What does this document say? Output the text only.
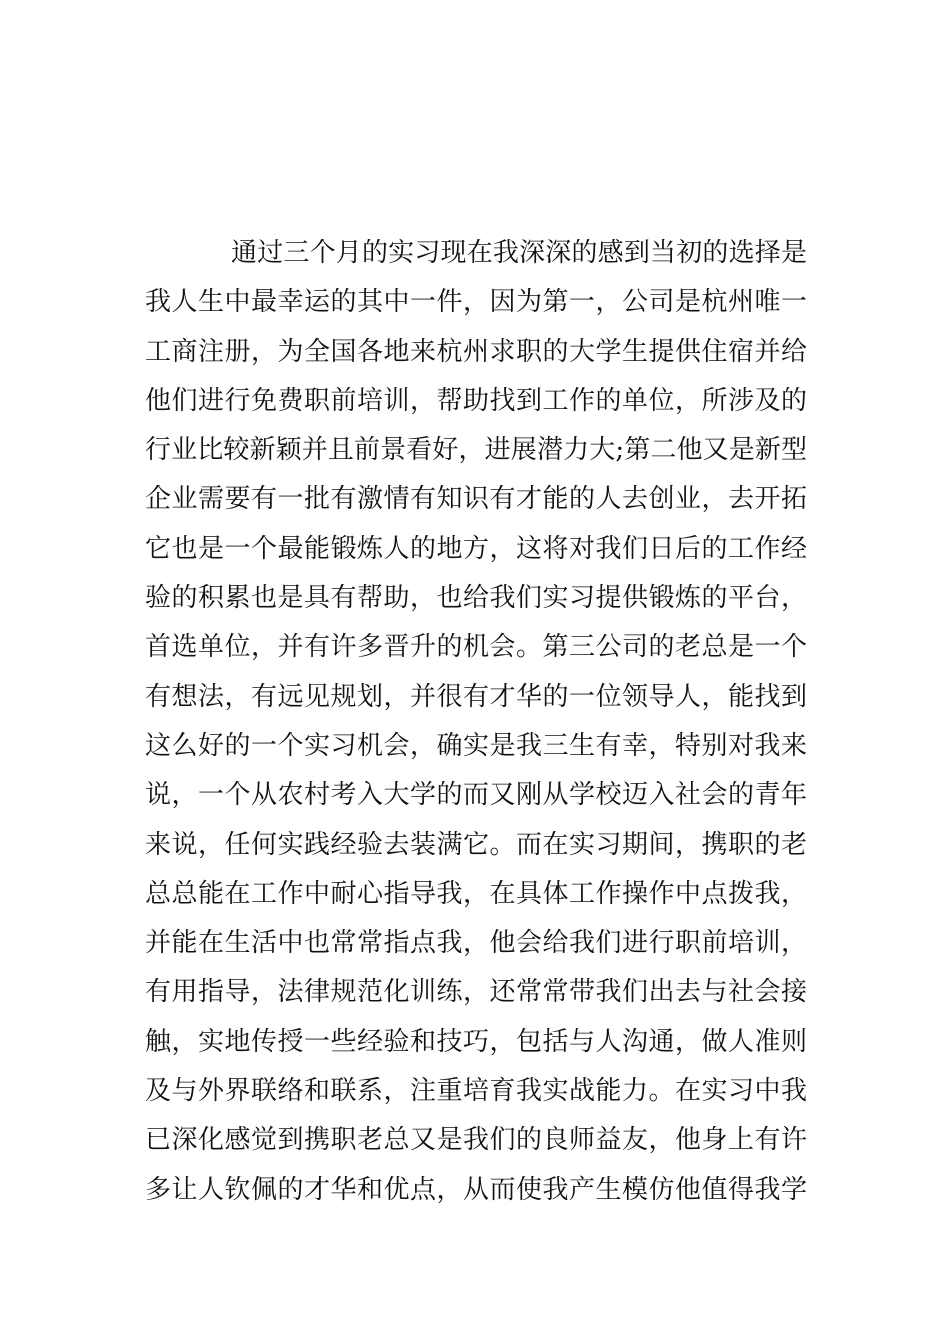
通过三个月的实习现在我深深的感到当初的选择是
我人生中最幸运的其中一件，因为第一，公司是杭州唯一
工商注册，为全国各地来杭州求职的大学生提供住宿并给
他们进行免费职前培训，帮助找到工作的单位，所涉及的
行业比较新颖并且前景看好，进展潜力大;第二他又是新型
企业需要有一批有激情有知识有才能的人去创业，去开拓
它也是一个最能锻炼人的地方，这将对我们日后的工作经
验的积累也是具有帮助，也给我们实习提供锻炼的平台，
首选单位，并有许多晋升的机会。第三公司的老总是一个
有想法，有远见规划，并很有才华的一位领导人，能找到
这么好的一个实习机会，确实是我三生有幸，特别对我来
说，一个从农村考入大学的而又刚从学校迈入社会的青年
来说，任何实践经验去装满它。而在实习期间，携职的老
总总能在工作中耐心指导我，在具体工作操作中点拨我，
并能在生活中也常常指点我，他会给我们进行职前培训，
有用指导，法律规范化训练，还常常带我们出去与社会接
触，实地传授一些经验和技巧，包括与人沟通，做人准则
及与外界联络和联系，注重培育我实战能力。在实习中我
已深化感觉到携职老总又是我们的良师益友，他身上有许
多让人钦佩的才华和优点，从而使我产生模仿他值得我学
